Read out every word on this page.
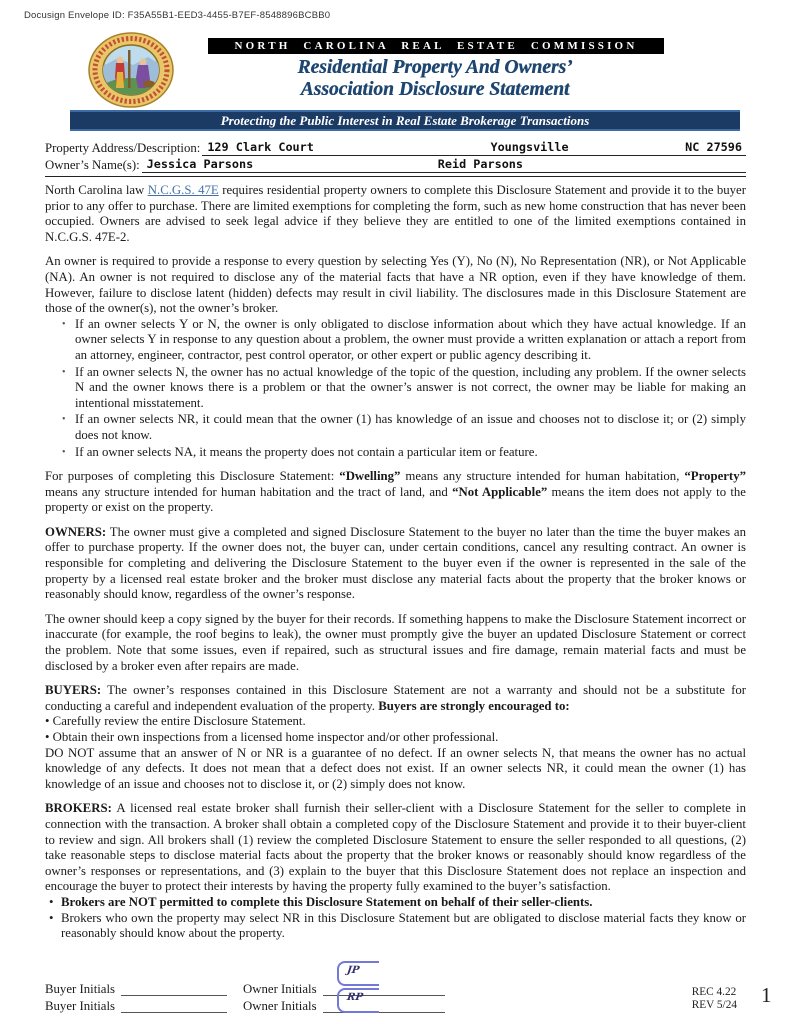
Docusign Envelope ID: F35A55B1-EED3-4455-B7EF-8548896BCBB0
NORTH CAROLINA REAL ESTATE COMMISSION
Residential Property And Owners’
Association Disclosure Statement
Protecting the Public Interest in Real Estate Brokerage Transactions
Property Address/Description: 129 Clark Court	Youngsville	NC 27596
Owner’s Name(s): Jessica Parsons	Reid Parsons

North Carolina law N.C.G.S. 47E requires residential property owners to complete this Disclosure Statement and provide it to the buyer prior to any offer to purchase. There are limited exemptions for completing the form, such as new home construction that has never been occupied. Owners are advised to seek legal advice if they believe they are entitled to one of the limited exemptions contained in N.C.G.S. 47E-2.

An owner is required to provide a response to every question by selecting Yes (Y), No (N), No Representation (NR), or Not Applicable (NA). An owner is not required to disclose any of the material facts that have a NR option, even if they have knowledge of them. However, failure to disclose latent (hidden) defects may result in civil liability. The disclosures made in this Disclosure Statement are those of the owner(s), not the owner’s broker.

• If an owner selects Y or N, the owner is only obligated to disclose information about which they have actual knowledge. If an owner selects Y in response to any question about a problem, the owner must provide a written explanation or attach a report from an attorney, engineer, contractor, pest control operator, or other expert or public agency describing it.
• If an owner selects N, the owner has no actual knowledge of the topic of the question, including any problem. If the owner selects N and the owner knows there is a problem or that the owner’s answer is not correct, the owner may be liable for making an intentional misstatement.
• If an owner selects NR, it could mean that the owner (1) has knowledge of an issue and chooses not to disclose it; or (2) simply does not know.
• If an owner selects NA, it means the property does not contain a particular item or feature.

For purposes of completing this Disclosure Statement: “Dwelling” means any structure intended for human habitation, “Property” means any structure intended for human habitation and the tract of land, and “Not Applicable” means the item does not apply to the property or exist on the property.

OWNERS: The owner must give a completed and signed Disclosure Statement to the buyer no later than the time the buyer makes an offer to purchase property. If the owner does not, the buyer can, under certain conditions, cancel any resulting contract. An owner is responsible for completing and delivering the Disclosure Statement to the buyer even if the owner is represented in the sale of the property by a licensed real estate broker and the broker must disclose any material facts about the property that the broker knows or reasonably should know, regardless of the owner’s response.

The owner should keep a copy signed by the buyer for their records. If something happens to make the Disclosure Statement incorrect or inaccurate (for example, the roof begins to leak), the owner must promptly give the buyer an updated Disclosure Statement or correct the problem. Note that some issues, even if repaired, such as structural issues and fire damage, remain material facts and must be disclosed by a broker even after repairs are made.

BUYERS: The owner’s responses contained in this Disclosure Statement are not a warranty and should not be a substitute for conducting a careful and independent evaluation of the property. Buyers are strongly encouraged to:

• Carefully review the entire Disclosure Statement.

• Obtain their own inspections from a licensed home inspector and/or other professional.

DO NOT assume that an answer of N or NR is a guarantee of no defect. If an owner selects N, that means the owner has no actual knowledge of any defects. It does not mean that a defect does not exist. If an owner selects NR, it could mean the owner (1) has knowledge of an issue and chooses not to disclose it, or (2) simply does not know.

BROKERS: A licensed real estate broker shall furnish their seller-client with a Disclosure Statement for the seller to complete in connection with the transaction. A broker shall obtain a completed copy of the Disclosure Statement and provide it to their buyer-client to review and sign. All brokers shall (1) review the completed Disclosure Statement to ensure the seller responded to all questions, (2) take reasonable steps to disclose material facts about the property that the broker knows or reasonably should know regardless of the owner’s responses or representations, and (3) explain to the buyer that this Disclosure Statement does not replace an inspection and encourage the buyer to protect their interests by having the property fully examined to the buyer’s satisfaction.

• Brokers are NOT permitted to complete this Disclosure Statement on behalf of their seller-clients.
• Brokers who own the property may select NR in this Disclosure Statement but are obligated to disclose material facts they know or reasonably should know about the property.
Buyer Initials	Owner Initials
Buyer Initials	Owner Initials
JP
RP	REC 4.22
REV 5/24 1
